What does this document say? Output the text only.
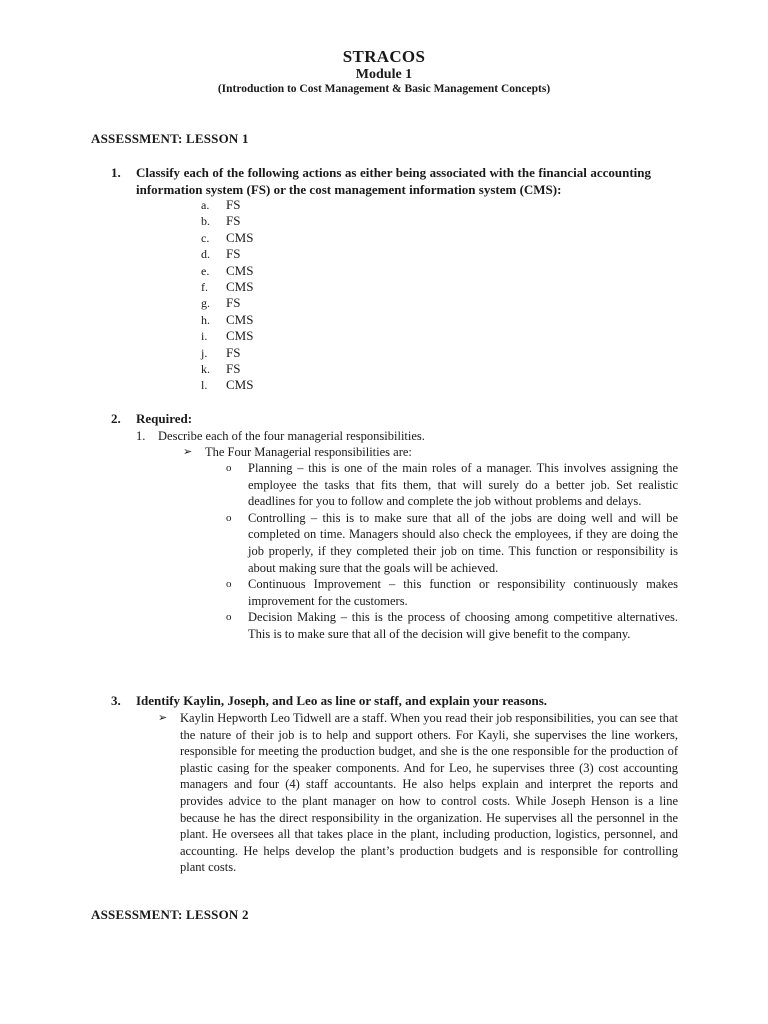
STRACOS
Module 1
(Introduction to Cost Management & Basic Management Concepts)
ASSESSMENT: LESSON 1
1. Classify each of the following actions as either being associated with the financial accounting information system (FS) or the cost management information system (CMS):
a.	FS
b.	FS
c.	CMS
d.	FS
e.	CMS
f.	CMS
g.	FS
h.	CMS
i.	CMS
j.	FS
k.	FS
l.	CMS
2. Required:
1. Describe each of the four managerial responsibilities.
➢ The Four Managerial responsibilities are:
o Planning – this is one of the main roles of a manager. This involves assigning the employee the tasks that fits them, that will surely do a better job. Set realistic deadlines for you to follow and complete the job without problems and delays.
o Controlling – this is to make sure that all of the jobs are doing well and will be completed on time. Managers should also check the employees, if they are doing the job properly, if they completed their job on time. This function or responsibility is about making sure that the goals will be achieved.
o Continuous Improvement – this function or responsibility continuously makes improvement for the customers.
o Decision Making – this is the process of choosing among competitive alternatives. This is to make sure that all of the decision will give benefit to the company.
3. Identify Kaylin, Joseph, and Leo as line or staff, and explain your reasons.
➢ Kaylin Hepworth Leo Tidwell are a staff. When you read their job responsibilities, you can see that the nature of their job is to help and support others. For Kayli, she supervises the line workers, responsible for meeting the production budget, and she is the one responsible for the production of plastic casing for the speaker components. And for Leo, he supervises three (3) cost accounting managers and four (4) staff accountants. He also helps explain and interpret the reports and provides advice to the plant manager on how to control costs. While Joseph Henson is a line because he has the direct responsibility in the organization. He supervises all the personnel in the plant. He oversees all that takes place in the plant, including production, logistics, personnel, and accounting. He helps develop the plant’s production budgets and is responsible for controlling plant costs.
ASSESSMENT: LESSON 2
